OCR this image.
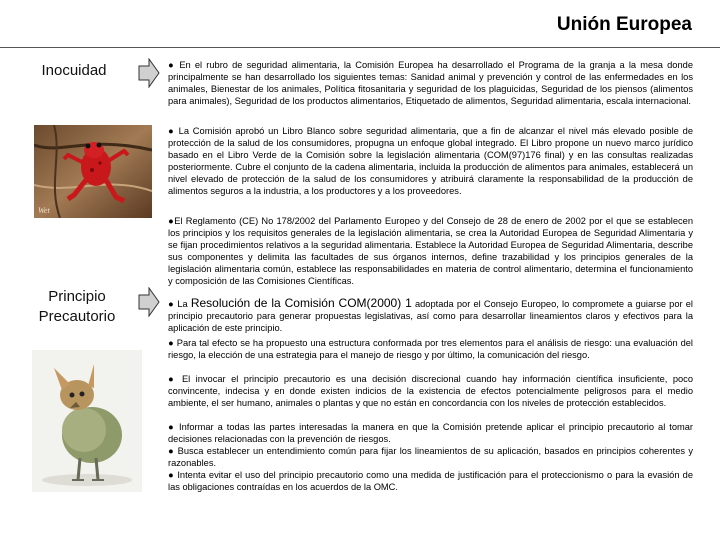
Unión Europea
Inocuidad
Principio Precautorio
Wet

● En el rubro de seguridad alimentaria, la Comisión Europea ha desarrollado el Programa de la granja a la mesa donde principalmente se han desarrollado los siguientes temas: Sanidad animal y prevención y control de las enfermedades en los animales, Bienestar de los animales, Política fitosanitaria y seguridad de los plaguicidas, Seguridad de los piensos (alimentos para animales), Seguridad de los productos alimentarios, Etiquetado de alimentos, Seguridad alimentaria, escala internacional.

● La Comisión aprobó un Libro Blanco sobre seguridad alimentaria, que a fin de alcanzar el nivel más elevado posible de protección de la salud de los consumidores, propugna un enfoque global integrado. El Libro propone un nuevo marco jurídico basado en el Libro Verde de la Comisión sobre la legislación alimentaria (COM(97)176 final) y en las consultas realizadas posteriormente. Cubre el conjunto de la cadena alimentaria, incluida la producción de alimentos para animales, establecerá un nivel elevado de protección de la salud de los consumidores y atribuirá claramente la responsabilidad de la producción de alimentos seguros a la industria, a los productores y a los proveedores.

●El Reglamento (CE) No 178/2002 del Parlamento Europeo y del Consejo de 28 de enero de 2002 por el que se establecen los principios y los requisitos generales de la legislación alimentaria, se crea la Autoridad Europea de Seguridad Alimentaria y se fijan procedimientos relativos a la seguridad alimentaria. Establece la Autoridad Europea de Seguridad Alimentaria, describe sus componentes y delimita las facultades de sus órganos internos, define trazabilidad y los principios generales de la legislación alimentaria común, establece las responsabilidades en materia de control alimentario, determina el funcionamiento y composición de las Comisiones Científicas.

● La Resolución de la Comisión COM(2000) 1 adoptada por el Consejo Europeo, lo compromete a guiarse por el principio precautorio para generar propuestas legislativas, así como para desarrollar lineamientos claros y efectivos para la aplicación de este principio.

● Para tal efecto se ha propuesto una estructura conformada por tres elementos para el análisis de riesgo: una evaluación del riesgo, la elección de una estrategia para el manejo de riesgo y por último, la comunicación del riesgo.

● El invocar el principio precautorio es una decisión discrecional cuando hay información científica insuficiente, poco convincente, indecisa y en donde existen indicios de la existencia de efectos potencialmente peligrosos para el medio ambiente, el ser humano, animales o plantas y que no están en concordancia con los niveles de protección establecidos.

● Informar a todas las partes interesadas la manera en que la Comisión pretende aplicar el principio precautorio al tomar decisiones relacionadas con la prevención de riesgos.

● Busca establecer un entendimiento común para fijar los lineamientos de su aplicación, basados en principios coherentes y razonables.

● Intenta evitar el uso del principio precautorio como una medida de justificación para el proteccionismo o para la evasión de las obligaciones contraídas en los acuerdos de la OMC.
